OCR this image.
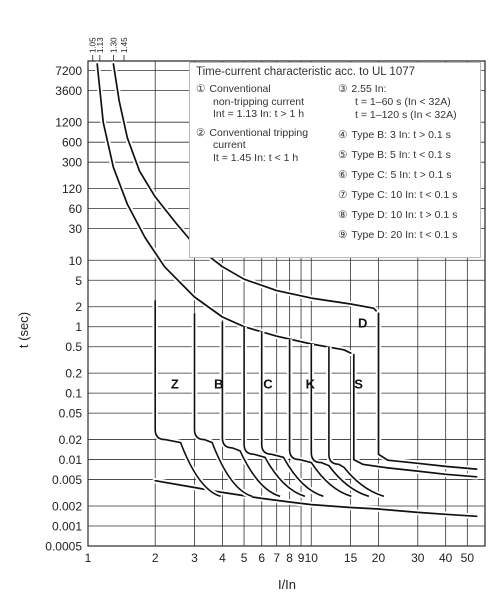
1	2	3 4 5 6 7 8 9 10 15 20 30 40 50
7200
3600
1200
600
300
120
60
30
10
5
2
1
0.5
0.2
0.1
0.05
0.02
0.01
0.005
0.002
0.001
0.0005
1.05
1.13 1.30 1.45
Z	B	C	K	S
D
t (sec)
I/In
Time-current characteristic acc. to UL 1077
① Conventional
non-tripping current
Int = 1.13 In: t > 1 h
② Conventional tripping
current
It = 1.45 In: t < 1 h
③ 2.55 In:
t = 1–60 s (In < 32A)
t = 1–120 s (In < 32A)
④ Type B: 3 In: t > 0.1 s
⑤ Type B: 5 In: t < 0.1 s
⑥ Type C: 5 In: t > 0.1 s
⑦ Type C: 10 In: t < 0.1 s
⑧ Type D: 10 In: t > 0.1 s
⑨ Type D: 20 In: t < 0.1 s
